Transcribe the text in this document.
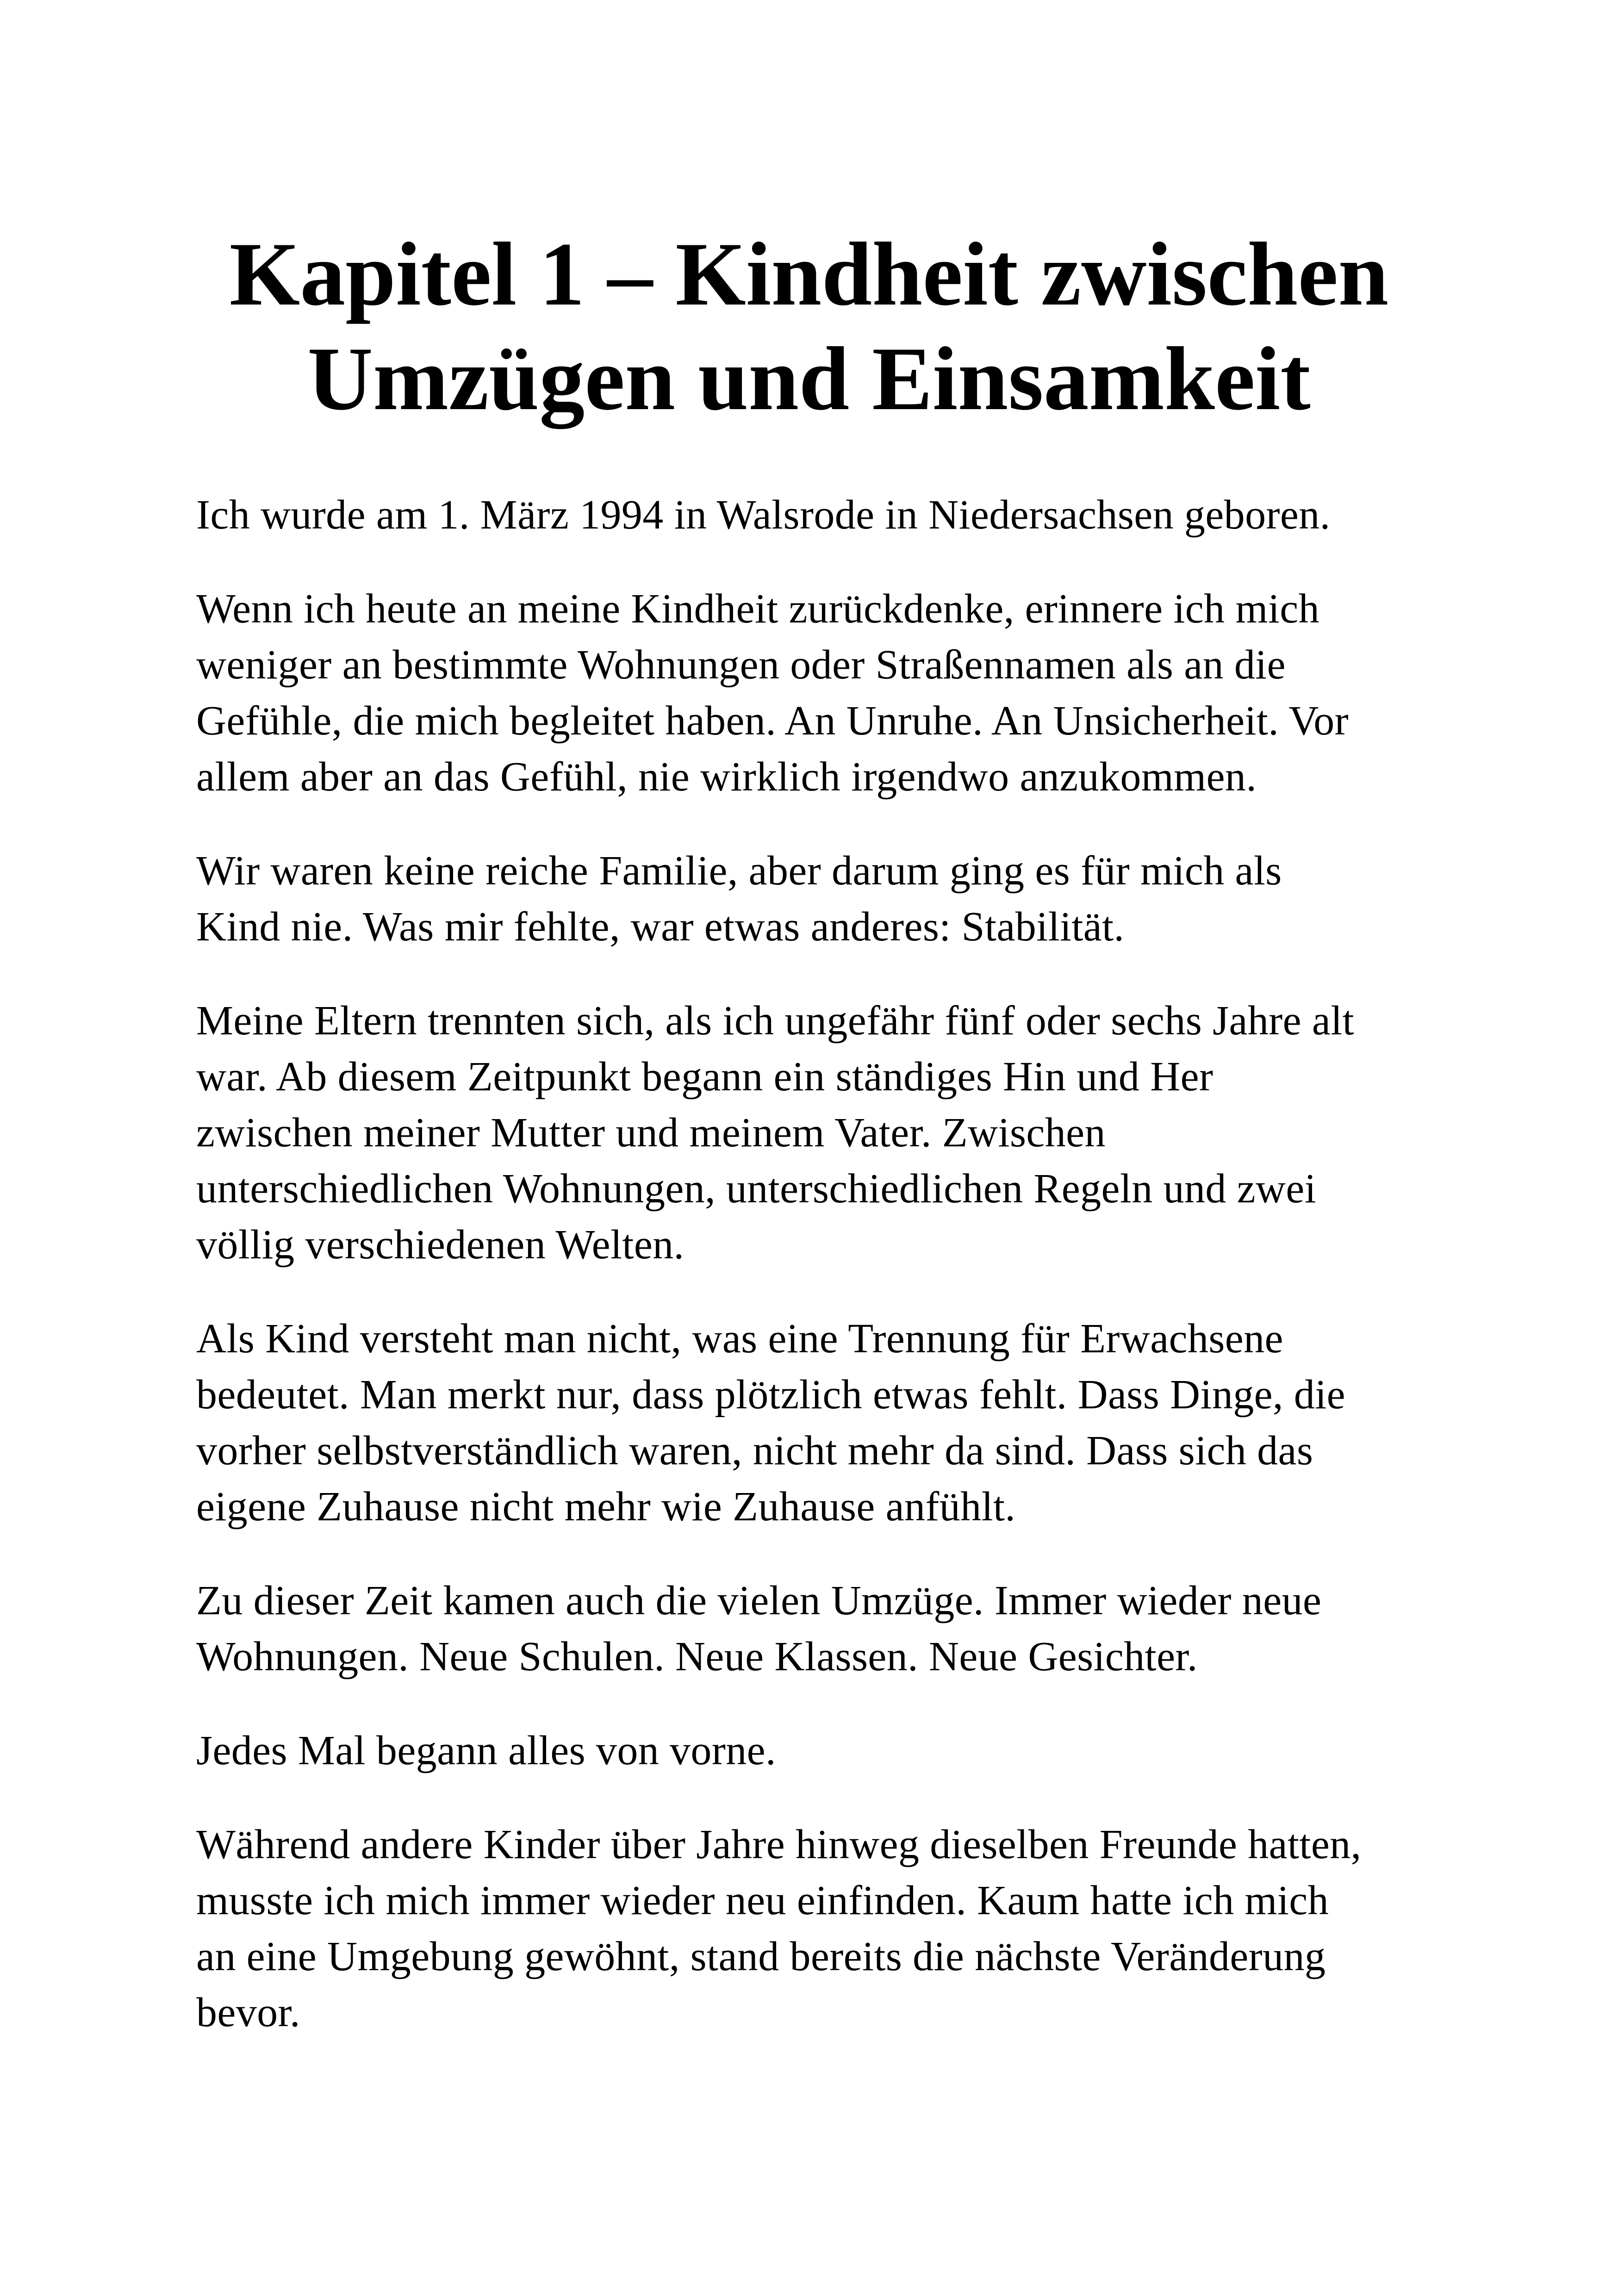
Kapitel 1 – Kindheit zwischen
Umzügen und Einsamkeit

Ich wurde am 1. März 1994 in Walsrode in Niedersachsen geboren.

Wenn ich heute an meine Kindheit zurückdenke, erinnere ich mich
weniger an bestimmte Wohnungen oder Straßennamen als an die
Gefühle, die mich begleitet haben. An Unruhe. An Unsicherheit. Vor
allem aber an das Gefühl, nie wirklich irgendwo anzukommen.

Wir waren keine reiche Familie, aber darum ging es für mich als
Kind nie. Was mir fehlte, war etwas anderes: Stabilität.

Meine Eltern trennten sich, als ich ungefähr fünf oder sechs Jahre alt
war. Ab diesem Zeitpunkt begann ein ständiges Hin und Her
zwischen meiner Mutter und meinem Vater. Zwischen
unterschiedlichen Wohnungen, unterschiedlichen Regeln und zwei
völlig verschiedenen Welten.

Als Kind versteht man nicht, was eine Trennung für Erwachsene
bedeutet. Man merkt nur, dass plötzlich etwas fehlt. Dass Dinge, die
vorher selbstverständlich waren, nicht mehr da sind. Dass sich das
eigene Zuhause nicht mehr wie Zuhause anfühlt.

Zu dieser Zeit kamen auch die vielen Umzüge. Immer wieder neue
Wohnungen. Neue Schulen. Neue Klassen. Neue Gesichter.

Jedes Mal begann alles von vorne.

Während andere Kinder über Jahre hinweg dieselben Freunde hatten,
musste ich mich immer wieder neu einfinden. Kaum hatte ich mich
an eine Umgebung gewöhnt, stand bereits die nächste Veränderung
bevor.
